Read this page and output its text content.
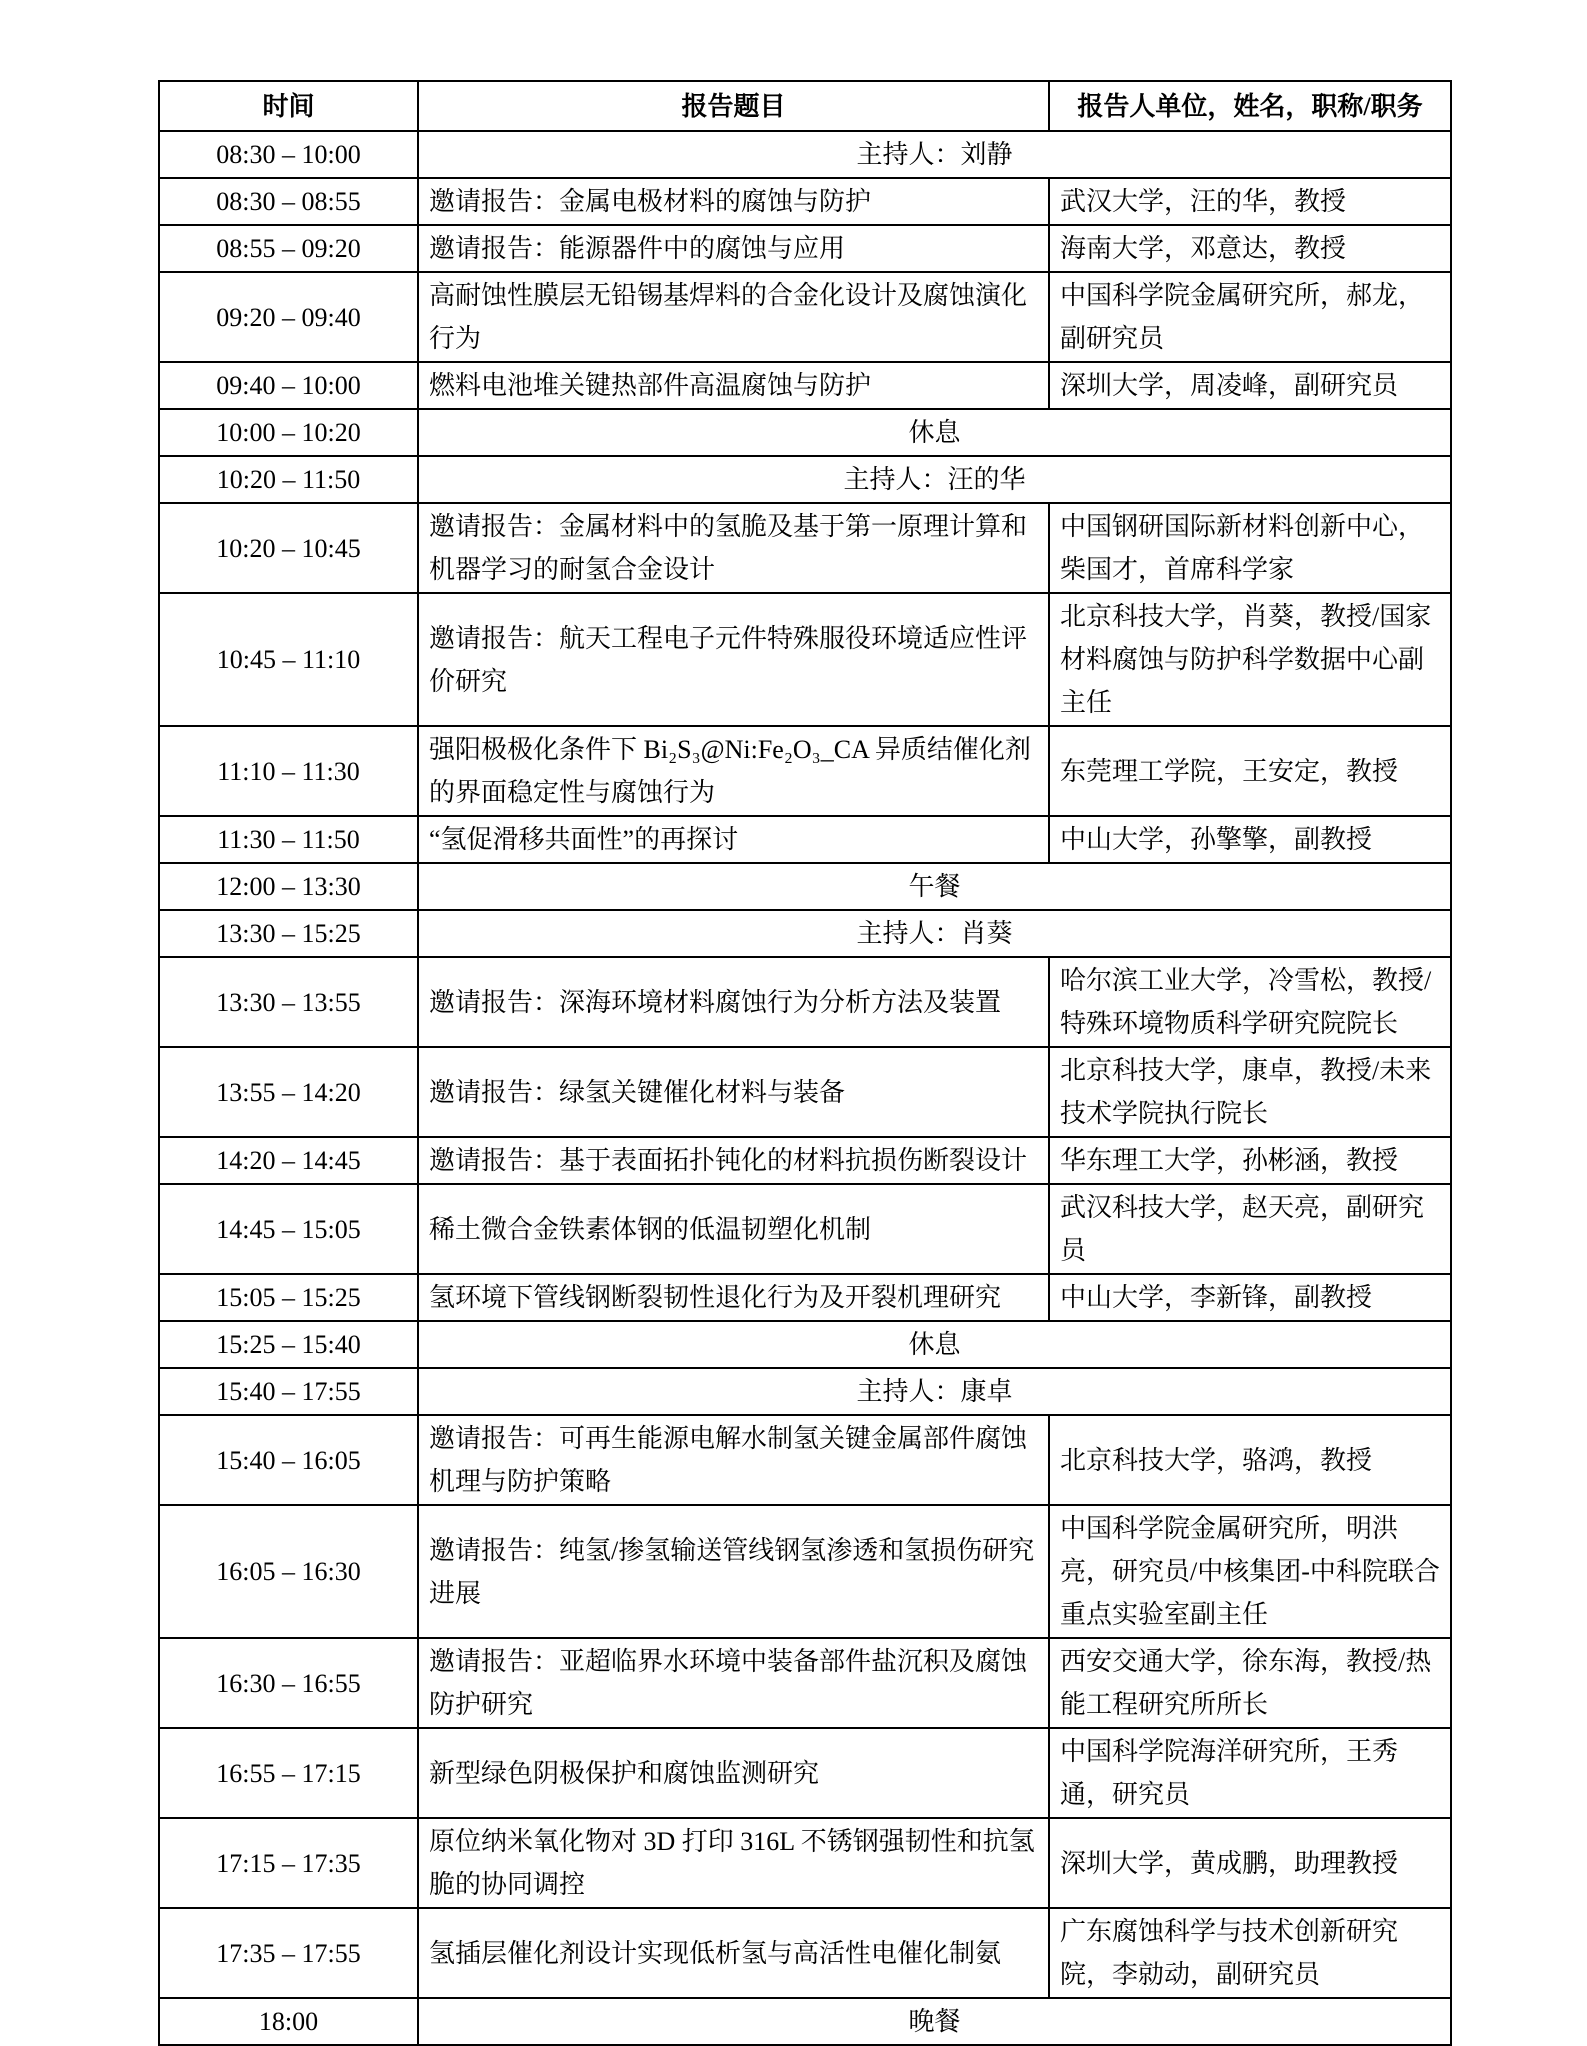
时间	报告题目	报告人单位，姓名，职称/职务
08:30 – 10:00	主持人：刘静	
08:30 – 08:55	邀请报告：金属电极材料的腐蚀与防护	武汉大学，汪的华，教授
08:55 – 09:20	邀请报告：能源器件中的腐蚀与应用	海南大学，邓意达，教授
09:20 – 09:40	高耐蚀性膜层无铅锡基焊料的合金化设计及腐蚀演化行为	中国科学院金属研究所，郝龙，副研究员
09:40 – 10:00	燃料电池堆关键热部件高温腐蚀与防护	深圳大学，周凌峰，副研究员
10:00 – 10:20	休息	
10:20 – 11:50	主持人：汪的华	
10:20 – 10:45	邀请报告：金属材料中的氢脆及基于第一原理计算和机器学习的耐氢合金设计	中国钢研国际新材料创新中心，柴国才，首席科学家
10:45 – 11:10	邀请报告：航天工程电子元件特殊服役环境适应性评价研究	北京科技大学，肖葵，教授/国家材料腐蚀与防护科学数据中心副主任
11:10 – 11:30	强阳极极化条件下 Bi₂S₃@Ni:Fe₂O₃_CA 异质结催化剂的界面稳定性与腐蚀行为	东莞理工学院，王安定，教授
11:30 – 11:50	“氢促滑移共面性”的再探讨	中山大学，孙擎擎，副教授
12:00 – 13:30	午餐	
13:30 – 15:25	主持人：肖葵	
13:30 – 13:55	邀请报告：深海环境材料腐蚀行为分析方法及装置	哈尔滨工业大学，冷雪松，教授/特殊环境物质科学研究院院长
13:55 – 14:20	邀请报告：绿氢关键催化材料与装备	北京科技大学，康卓，教授/未来技术学院执行院长
14:20 – 14:45	邀请报告：基于表面拓扑钝化的材料抗损伤断裂设计	华东理工大学，孙彬涵，教授
14:45 – 15:05	稀土微合金铁素体钢的低温韧塑化机制	武汉科技大学，赵天亮，副研究员
15:05 – 15:25	氢环境下管线钢断裂韧性退化行为及开裂机理研究	中山大学，李新锋，副教授
15:25 – 15:40	休息	
15:40 – 17:55	主持人：康卓	
15:40 – 16:05	邀请报告：可再生能源电解水制氢关键金属部件腐蚀机理与防护策略	北京科技大学，骆鸿，教授
16:05 – 16:30	邀请报告：纯氢/掺氢输送管线钢氢渗透和氢损伤研究进展	中国科学院金属研究所，明洪亮，研究员/中核集团-中科院联合重点实验室副主任
16:30 – 16:55	邀请报告：亚超临界水环境中装备部件盐沉积及腐蚀防护研究	西安交通大学，徐东海，教授/热能工程研究所所长
16:55 – 17:15	新型绿色阴极保护和腐蚀监测研究	中国科学院海洋研究所，王秀通，研究员
17:15 – 17:35	原位纳米氧化物对 3D 打印 316L 不锈钢强韧性和抗氢脆的协同调控	深圳大学，黄成鹏，助理教授
17:35 – 17:55	氢插层催化剂设计实现低析氢与高活性电催化制氨	广东腐蚀科学与技术创新研究院，李勍动，副研究员
18:00	晚餐	
